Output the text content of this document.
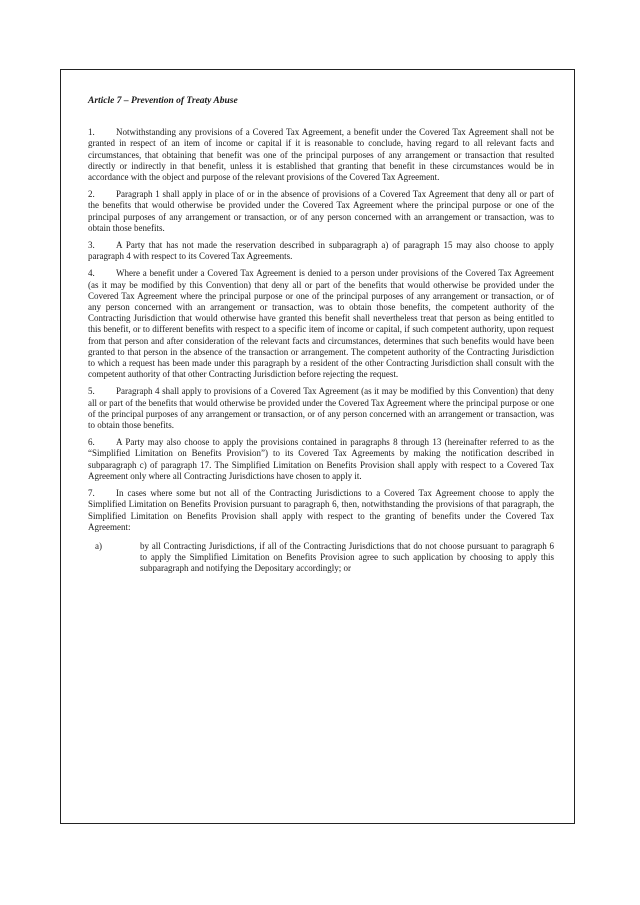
Article 7 – Prevention of Treaty Abuse
1. Notwithstanding any provisions of a Covered Tax Agreement, a benefit under the Covered Tax Agreement shall not be granted in respect of an item of income or capital if it is reasonable to conclude, having regard to all relevant facts and circumstances, that obtaining that benefit was one of the principal purposes of any arrangement or transaction that resulted directly or indirectly in that benefit, unless it is established that granting that benefit in these circumstances would be in accordance with the object and purpose of the relevant provisions of the Covered Tax Agreement.
2. Paragraph 1 shall apply in place of or in the absence of provisions of a Covered Tax Agreement that deny all or part of the benefits that would otherwise be provided under the Covered Tax Agreement where the principal purpose or one of the principal purposes of any arrangement or transaction, or of any person concerned with an arrangement or transaction, was to obtain those benefits.
3. A Party that has not made the reservation described in subparagraph a) of paragraph 15 may also choose to apply paragraph 4 with respect to its Covered Tax Agreements.
4. Where a benefit under a Covered Tax Agreement is denied to a person under provisions of the Covered Tax Agreement (as it may be modified by this Convention) that deny all or part of the benefits that would otherwise be provided under the Covered Tax Agreement where the principal purpose or one of the principal purposes of any arrangement or transaction, or of any person concerned with an arrangement or transaction, was to obtain those benefits, the competent authority of the Contracting Jurisdiction that would otherwise have granted this benefit shall nevertheless treat that person as being entitled to this benefit, or to different benefits with respect to a specific item of income or capital, if such competent authority, upon request from that person and after consideration of the relevant facts and circumstances, determines that such benefits would have been granted to that person in the absence of the transaction or arrangement. The competent authority of the Contracting Jurisdiction to which a request has been made under this paragraph by a resident of the other Contracting Jurisdiction shall consult with the competent authority of that other Contracting Jurisdiction before rejecting the request.
5. Paragraph 4 shall apply to provisions of a Covered Tax Agreement (as it may be modified by this Convention) that deny all or part of the benefits that would otherwise be provided under the Covered Tax Agreement where the principal purpose or one of the principal purposes of any arrangement or transaction, or of any person concerned with an arrangement or transaction, was to obtain those benefits.
6. A Party may also choose to apply the provisions contained in paragraphs 8 through 13 (hereinafter referred to as the “Simplified Limitation on Benefits Provision”) to its Covered Tax Agreements by making the notification described in subparagraph c) of paragraph 17. The Simplified Limitation on Benefits Provision shall apply with respect to a Covered Tax Agreement only where all Contracting Jurisdictions have chosen to apply it.
7. In cases where some but not all of the Contracting Jurisdictions to a Covered Tax Agreement choose to apply the Simplified Limitation on Benefits Provision pursuant to paragraph 6, then, notwithstanding the provisions of that paragraph, the Simplified Limitation on Benefits Provision shall apply with respect to the granting of benefits under the Covered Tax Agreement:
a)	by all Contracting Jurisdictions, if all of the Contracting Jurisdictions that do not choose pursuant to paragraph 6 to apply the Simplified Limitation on Benefits Provision agree to such application by choosing to apply this subparagraph and notifying the Depositary accordingly; or
